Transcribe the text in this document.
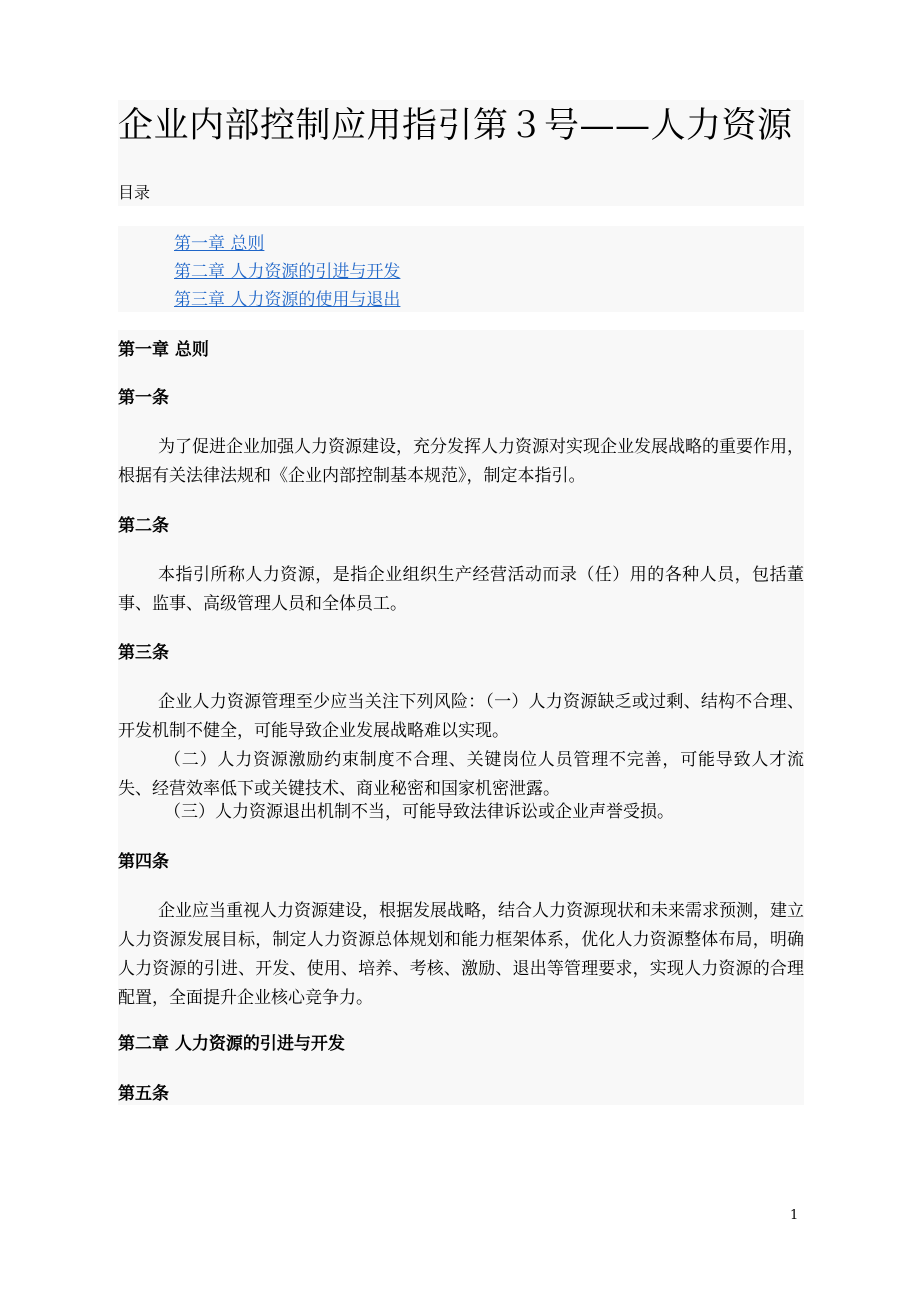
企业内部控制应用指引第３号——人力资源
目录
第一章 总则
第二章 人力资源的引进与开发
第三章 人力资源的使用与退出
第一章 总则
第一条

为了促进企业加强人力资源建设，充分发挥人力资源对实现企业发展战略的重要作用，根据有关法律法规和《企业内部控制基本规范》，制定本指引。

第二条

本指引所称人力资源，是指企业组织生产经营活动而录（任）用的各种人员，包括董事、监事、高级管理人员和全体员工。

第三条

企业人力资源管理至少应当关注下列风险：（一）人力资源缺乏或过剩、结构不合理、开发机制不健全，可能导致企业发展战略难以实现。

（二）人力资源激励约束制度不合理、关键岗位人员管理不完善，可能导致人才流失、经营效率低下或关键技术、商业秘密和国家机密泄露。

（三）人力资源退出机制不当，可能导致法律诉讼或企业声誉受损。

第四条

企业应当重视人力资源建设，根据发展战略，结合人力资源现状和未来需求预测，建立人力资源发展目标，制定人力资源总体规划和能力框架体系，优化人力资源整体布局，明确人力资源的引进、开发、使用、培养、考核、激励、退出等管理要求，实现人力资源的合理配置，全面提升企业核心竞争力。

第二章 人力资源的引进与开发
第五条
1
